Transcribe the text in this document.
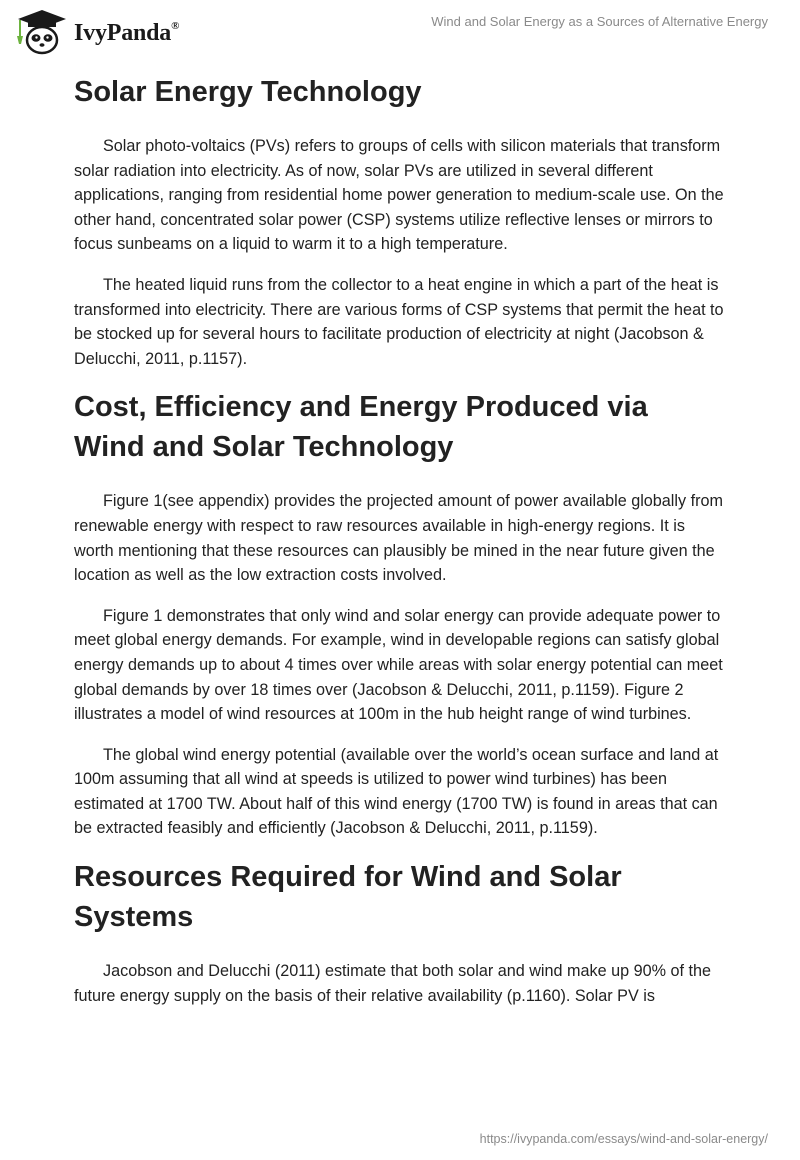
IvyPanda®	Wind and Solar Energy as a Sources of Alternative Energy
Solar Energy Technology

Solar photo-voltaics (PVs) refers to groups of cells with silicon materials that transform solar radiation into electricity. As of now, solar PVs are utilized in several different applications, ranging from residential home power generation to medium-scale use. On the other hand, concentrated solar power (CSP) systems utilize reflective lenses or mirrors to focus sunbeams on a liquid to warm it to a high temperature.

The heated liquid runs from the collector to a heat engine in which a part of the heat is transformed into electricity. There are various forms of CSP systems that permit the heat to be stocked up for several hours to facilitate production of electricity at night (Jacobson & Delucchi, 2011, p.1157).

Cost, Efficiency and Energy Produced via Wind and Solar Technology

Figure 1(see appendix) provides the projected amount of power available globally from renewable energy with respect to raw resources available in high-energy regions. It is worth mentioning that these resources can plausibly be mined in the near future given the location as well as the low extraction costs involved.

Figure 1 demonstrates that only wind and solar energy can provide adequate power to meet global energy demands. For example, wind in developable regions can satisfy global energy demands up to about 4 times over while areas with solar energy potential can meet global demands by over 18 times over (Jacobson & Delucchi, 2011, p.1159). Figure 2 illustrates a model of wind resources at 100m in the hub height range of wind turbines.

The global wind energy potential (available over the world’s ocean surface and land at 100m assuming that all wind at speeds is utilized to power wind turbines) has been estimated at 1700 TW. About half of this wind energy (1700 TW) is found in areas that can be extracted feasibly and efficiently (Jacobson & Delucchi, 2011, p.1159).

Resources Required for Wind and Solar Systems

Jacobson and Delucchi (2011) estimate that both solar and wind make up 90% of the future energy supply on the basis of their relative availability (p.1160). Solar PV is

https://ivypanda.com/essays/wind-and-solar-energy/
